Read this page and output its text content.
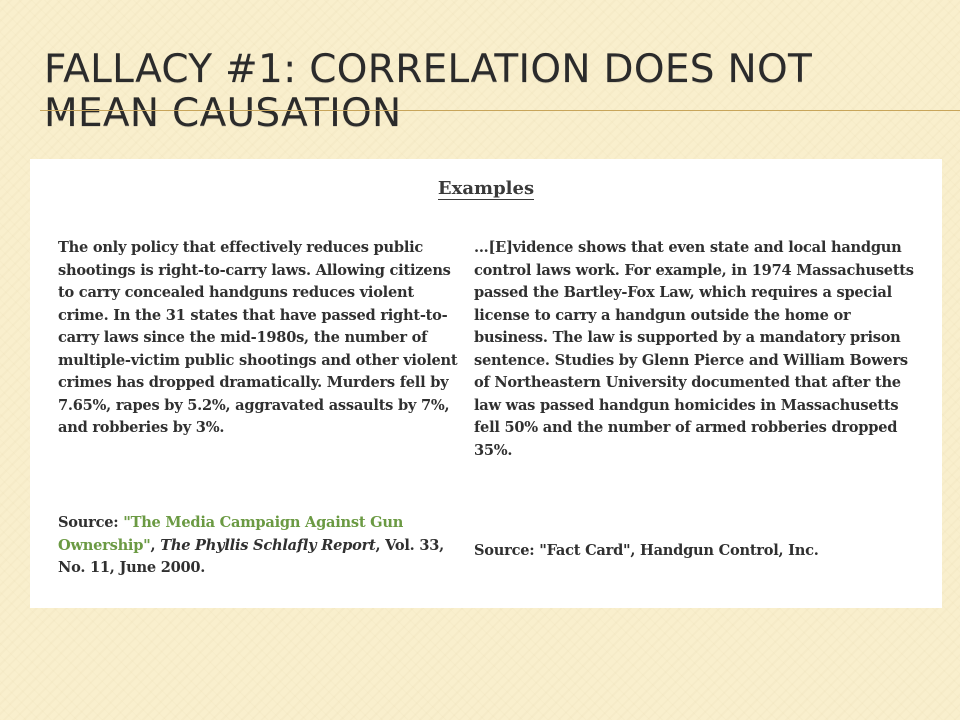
FALLACY #1: CORRELATION DOES NOT MEAN CAUSATION
Examples

The only policy that effectively reduces public shootings is right-to-carry laws. Allowing citizens to carry concealed handguns reduces violent crime. In the 31 states that have passed right-to-carry laws since the mid-1980s, the number of multiple-victim public shootings and other violent crimes has dropped dramatically. Murders fell by 7.65%, rapes by 5.2%, aggravated assaults by 7%, and robberies by 3%.

Source: "The Media Campaign Against Gun Ownership", The Phyllis Schlafly Report, Vol. 33, No. 11, June 2000.

...[E]vidence shows that even state and local handgun control laws work. For example, in 1974 Massachusetts passed the Bartley-Fox Law, which requires a special license to carry a handgun outside the home or business. The law is supported by a mandatory prison sentence. Studies by Glenn Pierce and William Bowers of Northeastern University documented that after the law was passed handgun homicides in Massachusetts fell 50% and the number of armed robberies dropped 35%.

Source: "Fact Card", Handgun Control, Inc.
